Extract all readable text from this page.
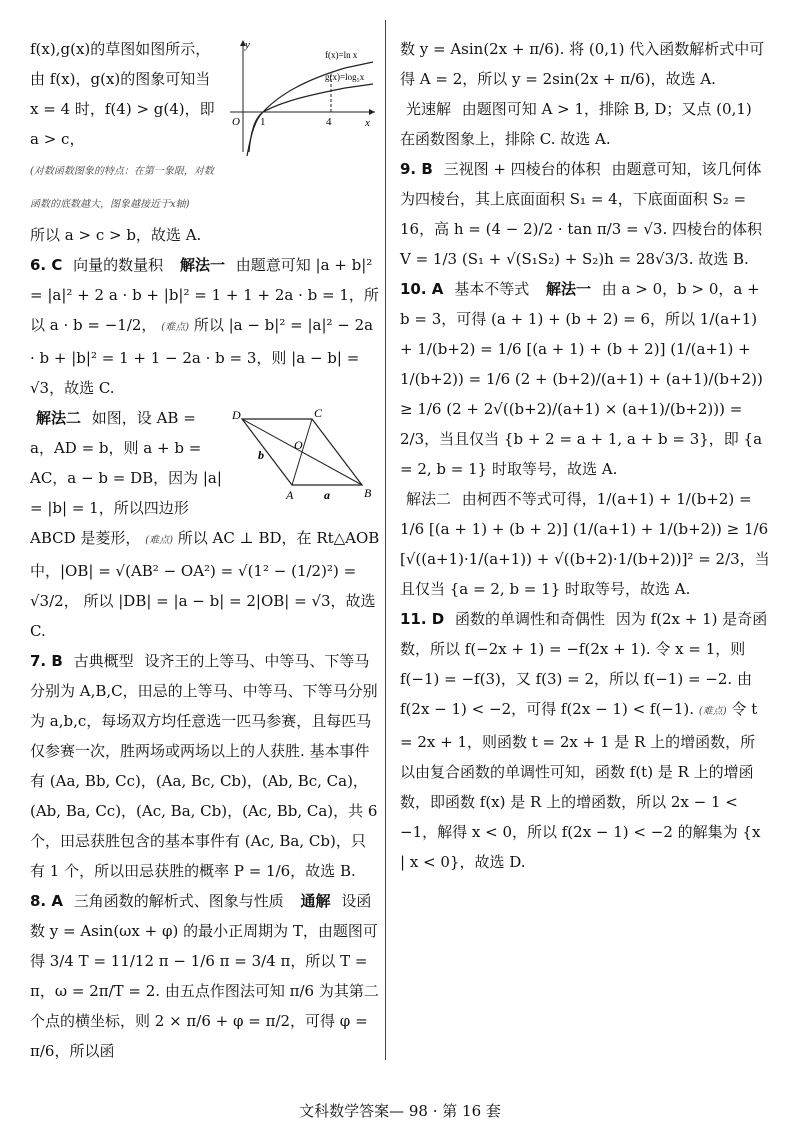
y
x
O 1	4
f(x)=ln x
g(x)=log₅x

f(x),g(x)的草图如图所示，由 f(x)，g(x)的图象可知当 x = 4 时，f(4) > g(4)，即 a > c，

(对数函数图象的特点：在第一象限，对数函数的底数越大，图象越接近于x轴)

所以 a > c > b，故选 A.

6. C 向量的数量积 解法一 由题意可知 |a + b|² = |a|² + 2 a · b + |b|² = 1 + 1 + 2a · b = 1，所以 a · b = −1/2， (难点) 所以 |a − b|² = |a|² − 2a · b + |b|² = 1 + 1 − 2a · b = 3，则 |a − b| = √3，故选 C.

D	C
O
A	B
b
a

解法二 如图，设 AB = a，AD = b，则 a + b = AC，a − b = DB，因为 |a| = |b| = 1，所以四边形 ABCD 是菱形， (难点) 所以 AC ⊥ BD，在 Rt△AOB 中，|OB| = √(AB² − OA²) = √(1² − (1/2)²) = √3/2， 所以 |DB| = |a − b| = 2|OB| = √3，故选 C.

7. B 古典概型 设齐王的上等马、中等马、下等马分别为 A,B,C，田忌的上等马、中等马、下等马分别为 a,b,c，每场双方均任意选一匹马参赛，且每匹马仅参赛一次，胜两场或两场以上的人获胜. 基本事件有 (Aa, Bb, Cc)，(Aa, Bc, Cb)，(Ab, Bc, Ca)，(Ab, Ba, Cc)，(Ac, Ba, Cb)，(Ac, Bb, Ca)，共 6 个，田忌获胜包含的基本事件有 (Ac, Ba, Cb)，只有 1 个，所以田忌获胜的概率 P = 1/6，故选 B.

8. A 三角函数的解析式、图象与性质 通解 设函数 y = Asin(ωx + φ) 的最小正周期为 T，由题图可得 3/4 T = 11/12 π − 1/6 π = 3/4 π，所以 T = π，ω = 2π/T = 2. 由五点作图法可知 π/6 为其第二个点的横坐标，则 2 × π/6 + φ = π/2，可得 φ = π/6，所以函

数 y = Asin(2x + π/6). 将 (0,1) 代入函数解析式中可得 A = 2，所以 y = 2sin(2x + π/6)，故选 A.

光速解 由题图可知 A > 1，排除 B, D；又点 (0,1) 在函数图象上，排除 C. 故选 A.

9. B 三视图 + 四棱台的体积 由题意可知，该几何体为四棱台，其上底面面积 S₁ = 4，下底面面积 S₂ = 16，高 h = (4 − 2)/2 · tan π/3 = √3. 四棱台的体积 V = 1/3 (S₁ + √(S₁S₂) + S₂)h = 28√3/3. 故选 B.

10. A 基本不等式 解法一 由 a > 0，b > 0，a + b = 3，可得 (a + 1) + (b + 2) = 6，所以 1/(a+1) + 1/(b+2) = 1/6 [(a + 1) + (b + 2)] (1/(a+1) + 1/(b+2)) = 1/6 (2 + (b+2)/(a+1) + (a+1)/(b+2)) ≥ 1/6 (2 + 2√((b+2)/(a+1) × (a+1)/(b+2))) = 2/3，当且仅当 {b + 2 = a + 1, a + b = 3}，即 {a = 2, b = 1} 时取等号，故选 A.

解法二 由柯西不等式可得，1/(a+1) + 1/(b+2) = 1/6 [(a + 1) + (b + 2)] (1/(a+1) + 1/(b+2)) ≥ 1/6 [√((a+1)·1/(a+1)) + √((b+2)·1/(b+2))]² = 2/3，当且仅当 {a = 2, b = 1} 时取等号，故选 A.

11. D 函数的单调性和奇偶性 因为 f(2x + 1) 是奇函数，所以 f(−2x + 1) = −f(2x + 1). 令 x = 1，则 f(−1) = −f(3)，又 f(3) = 2，所以 f(−1) = −2. 由 f(2x − 1) < −2，可得 f(2x − 1) < f(−1). (难点) 令 t = 2x + 1，则函数 t = 2x + 1 是 R 上的增函数，所以由复合函数的单调性可知，函数 f(t) 是 R 上的增函数，即函数 f(x) 是 R 上的增函数，所以 2x − 1 < −1，解得 x < 0，所以 f(2x − 1) < −2 的解集为 {x | x < 0}，故选 D.

文科数学答案— 98 · 第 16 套
